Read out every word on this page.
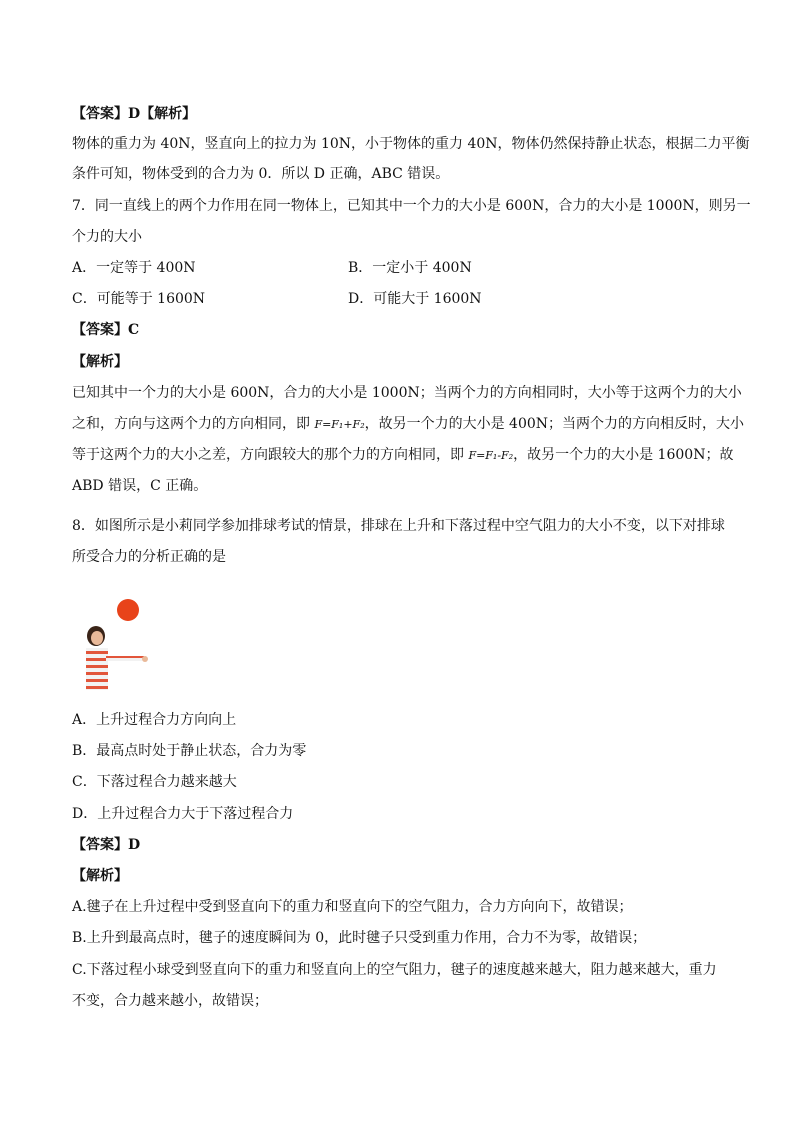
【答案】D【解析】
物体的重力为 40N，竖直向上的拉力为 10N，小于物体的重力 40N，物体仍然保持静止状态，根据二力平衡
条件可知，物体受到的合力为 0．所以 D 正确，ABC 错误。
7．同一直线上的两个力作用在同一物体上，已知其中一个力的大小是 600N，合力的大小是 1000N，则另一
个力的大小
A．一定等于 400N	B．一定小于 400N
C．可能等于 1600N	D．可能大于 1600N
【答案】C
【解析】
已知其中一个力的大小是 600N，合力的大小是 1000N；当两个力的方向相同时，大小等于这两个力的大小
之和，方向与这两个力的方向相同，即 F=F₁+F₂，故另一个力的大小是 400N；当两个力的方向相反时，大小
等于这两个力的大小之差，方向跟较大的那个力的方向相同，即 F=F₁-F₂，故另一个力的大小是 1600N；故
ABD 错误，C 正确。
8．如图所示是小莉同学参加排球考试的情景，排球在上升和下落过程中空气阻力的大小不变，以下对排球
所受合力的分析正确的是
A．上升过程合力方向向上
B．最高点时处于静止状态，合力为零
C．下落过程合力越来越大
D．上升过程合力大于下落过程合力
【答案】D
【解析】
A.毽子在上升过程中受到竖直向下的重力和竖直向下的空气阻力，合力方向向下，故错误；
B.上升到最高点时，毽子的速度瞬间为 0，此时毽子只受到重力作用，合力不为零，故错误；
C.下落过程小球受到竖直向下的重力和竖直向上的空气阻力，毽子的速度越来越大，阻力越来越大，重力
不变，合力越来越小，故错误；
